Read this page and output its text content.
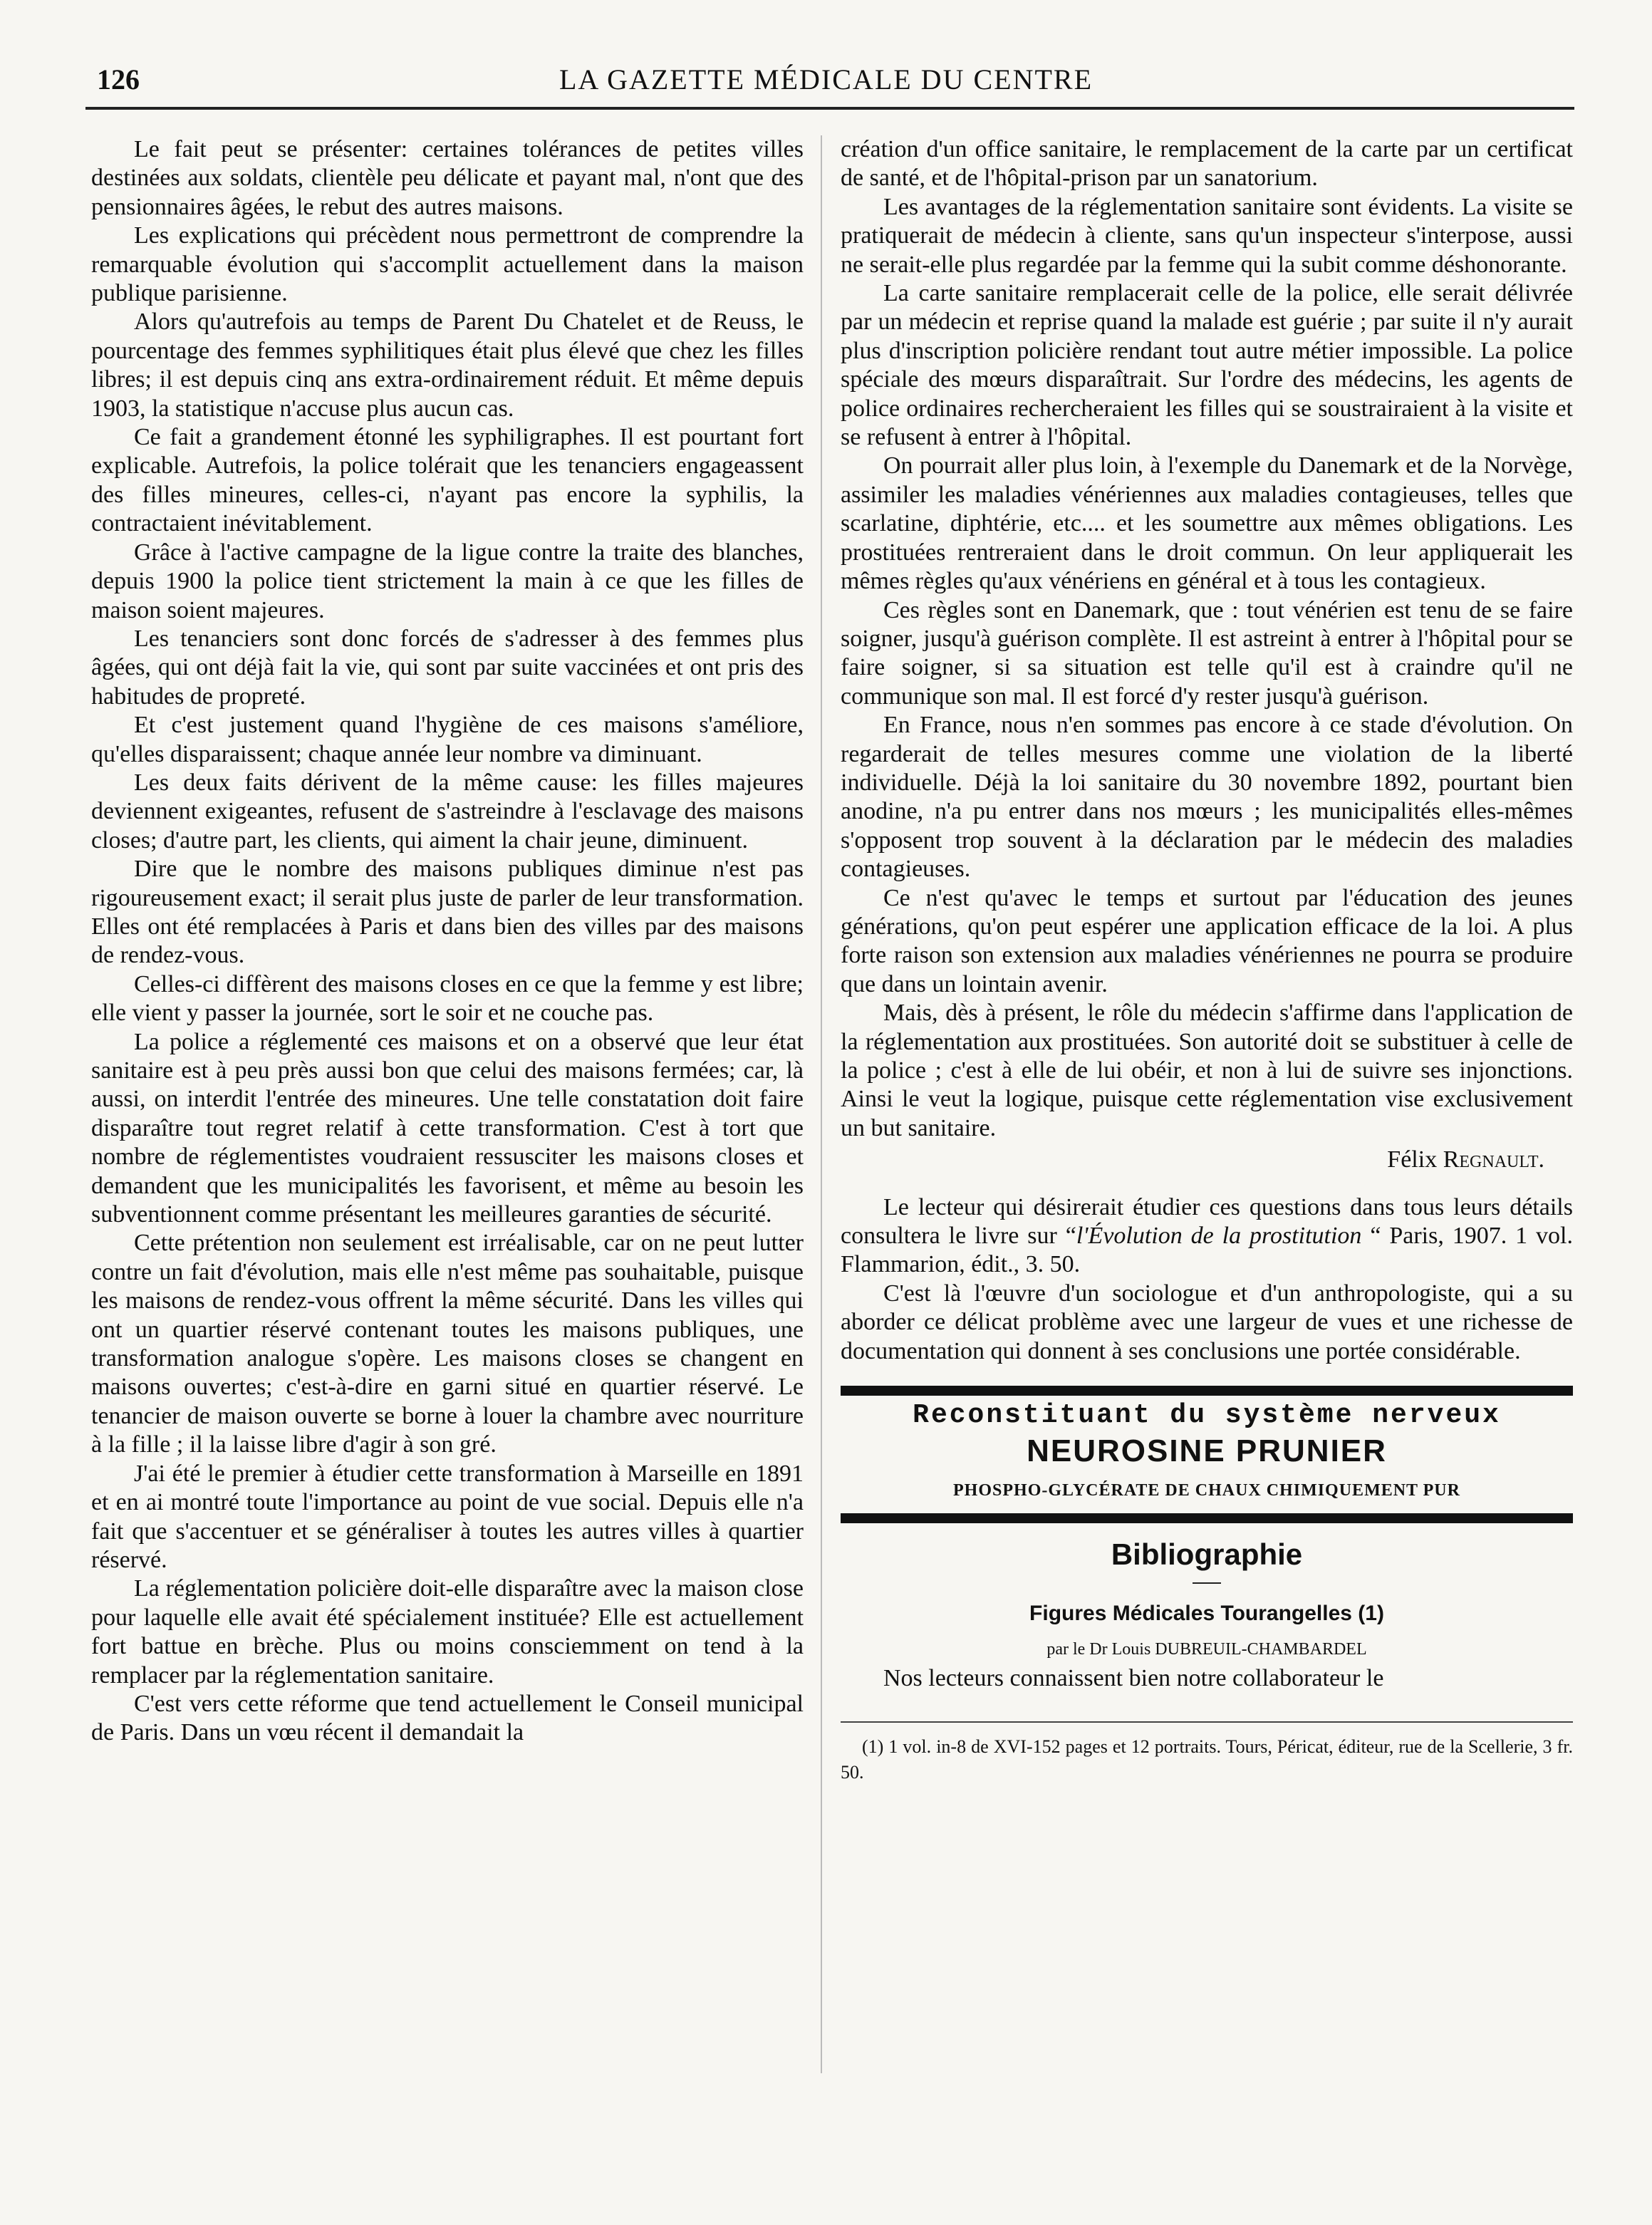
LA GAZETTE MÉDICALE DU CENTRE
126

Le fait peut se présenter: certaines tolérances de petites villes destinées aux soldats, clientèle peu délicate et payant mal, n'ont que des pensionnaires âgées, le rebut des autres maisons.

Les explications qui précèdent nous permettront de comprendre la remarquable évolution qui s'accomplit actuellement dans la maison publique parisienne.

Alors qu'autrefois au temps de Parent Du Chatelet et de Reuss, le pourcentage des femmes syphilitiques était plus élevé que chez les filles libres; il est depuis cinq ans extra-ordinairement réduit. Et même depuis 1903, la statistique n'accuse plus aucun cas.

Ce fait a grandement étonné les syphiligraphes. Il est pourtant fort explicable. Autrefois, la police tolérait que les tenanciers engageassent des filles mineures, celles-ci, n'ayant pas encore la syphilis, la contractaient inévitablement.

Grâce à l'active campagne de la ligue contre la traite des blanches, depuis 1900 la police tient strictement la main à ce que les filles de maison soient majeures.

Les tenanciers sont donc forcés de s'adresser à des femmes plus âgées, qui ont déjà fait la vie, qui sont par suite vaccinées et ont pris des habitudes de propreté.

Et c'est justement quand l'hygiène de ces maisons s'améliore, qu'elles disparaissent; chaque année leur nombre va diminuant.

Les deux faits dérivent de la même cause: les filles majeures deviennent exigeantes, refusent de s'astreindre à l'esclavage des maisons closes; d'autre part, les clients, qui aiment la chair jeune, diminuent.

Dire que le nombre des maisons publiques diminue n'est pas rigoureusement exact; il serait plus juste de parler de leur transformation. Elles ont été remplacées à Paris et dans bien des villes par des maisons de rendez-vous.

Celles-ci diffèrent des maisons closes en ce que la femme y est libre; elle vient y passer la journée, sort le soir et ne couche pas.

La police a réglementé ces maisons et on a observé que leur état sanitaire est à peu près aussi bon que celui des maisons fermées; car, là aussi, on interdit l'entrée des mineures. Une telle constatation doit faire disparaître tout regret relatif à cette transformation. C'est à tort que nombre de réglementistes voudraient ressusciter les maisons closes et demandent que les municipalités les favorisent, et même au besoin les subventionnent comme présentant les meilleures garanties de sécurité.

Cette prétention non seulement est irréalisable, car on ne peut lutter contre un fait d'évolution, mais elle n'est même pas souhaitable, puisque les maisons de rendez-vous offrent la même sécurité. Dans les villes qui ont un quartier réservé contenant toutes les maisons publiques, une transformation analogue s'opère. Les maisons closes se changent en maisons ouvertes; c'est-à-dire en garni situé en quartier réservé. Le tenancier de maison ouverte se borne à louer la chambre avec nourriture à la fille ; il la laisse libre d'agir à son gré.

J'ai été le premier à étudier cette transformation à Marseille en 1891 et en ai montré toute l'importance au point de vue social. Depuis elle n'a fait que s'accentuer et se généraliser à toutes les autres villes à quartier réservé.

La réglementation policière doit-elle disparaître avec la maison close pour laquelle elle avait été spécialement instituée? Elle est actuellement fort battue en brèche. Plus ou moins consciemment on tend à la remplacer par la réglementation sanitaire.

C'est vers cette réforme que tend actuellement le Conseil municipal de Paris. Dans un vœu récent il demandait la

création d'un office sanitaire, le remplacement de la carte par un certificat de santé, et de l'hôpital-prison par un sanatorium.

Les avantages de la réglementation sanitaire sont évidents. La visite se pratiquerait de médecin à cliente, sans qu'un inspecteur s'interpose, aussi ne serait-elle plus regardée par la femme qui la subit comme déshonorante.

La carte sanitaire remplacerait celle de la police, elle serait délivrée par un médecin et reprise quand la malade est guérie ; par suite il n'y aurait plus d'inscription policière rendant tout autre métier impossible. La police spéciale des mœurs disparaîtrait. Sur l'ordre des médecins, les agents de police ordinaires rechercheraient les filles qui se soustrairaient à la visite et se refusent à entrer à l'hôpital.

On pourrait aller plus loin, à l'exemple du Danemark et de la Norvège, assimiler les maladies vénériennes aux maladies contagieuses, telles que scarlatine, diphtérie, etc.... et les soumettre aux mêmes obligations. Les prostituées rentreraient dans le droit commun. On leur appliquerait les mêmes règles qu'aux vénériens en général et à tous les contagieux.

Ces règles sont en Danemark, que : tout vénérien est tenu de se faire soigner, jusqu'à guérison complète. Il est astreint à entrer à l'hôpital pour se faire soigner, si sa situation est telle qu'il est à craindre qu'il ne communique son mal. Il est forcé d'y rester jusqu'à guérison.

En France, nous n'en sommes pas encore à ce stade d'évolution. On regarderait de telles mesures comme une violation de la liberté individuelle. Déjà la loi sanitaire du 30 novembre 1892, pourtant bien anodine, n'a pu entrer dans nos mœurs ; les municipalités elles-mêmes s'opposent trop souvent à la déclaration par le médecin des maladies contagieuses.

Ce n'est qu'avec le temps et surtout par l'éducation des jeunes générations, qu'on peut espérer une application efficace de la loi. A plus forte raison son extension aux maladies vénériennes ne pourra se produire que dans un lointain avenir.

Mais, dès à présent, le rôle du médecin s'affirme dans l'application de la réglementation aux prostituées. Son autorité doit se substituer à celle de la police ; c'est à elle de lui obéir, et non à lui de suivre ses injonctions. Ainsi le veut la logique, puisque cette réglementation vise exclusivement un but sanitaire.

Félix Regnault.

Le lecteur qui désirerait étudier ces questions dans tous leurs détails consultera le livre sur “l'Évolution de la prostitution “ Paris, 1907. 1 vol. Flammarion, édit., 3. 50.

C'est là l'œuvre d'un sociologue et d'un anthropologiste, qui a su aborder ce délicat problème avec une largeur de vues et une richesse de documentation qui donnent à ses conclusions une portée considérable.

Reconstituant du système nerveux
NEUROSINE PRUNIER
PHOSPHO-GLYCÉRATE DE CHAUX CHIMIQUEMENT PUR
Bibliographie
Figures Médicales Tourangelles (1)
par le Dr Louis DUBREUIL-CHAMBARDEL

Nos lecteurs connaissent bien notre collaborateur le

(1) 1 vol. in-8 de XVI-152 pages et 12 portraits. Tours, Péricat, éditeur, rue de la Scellerie, 3 fr. 50.
